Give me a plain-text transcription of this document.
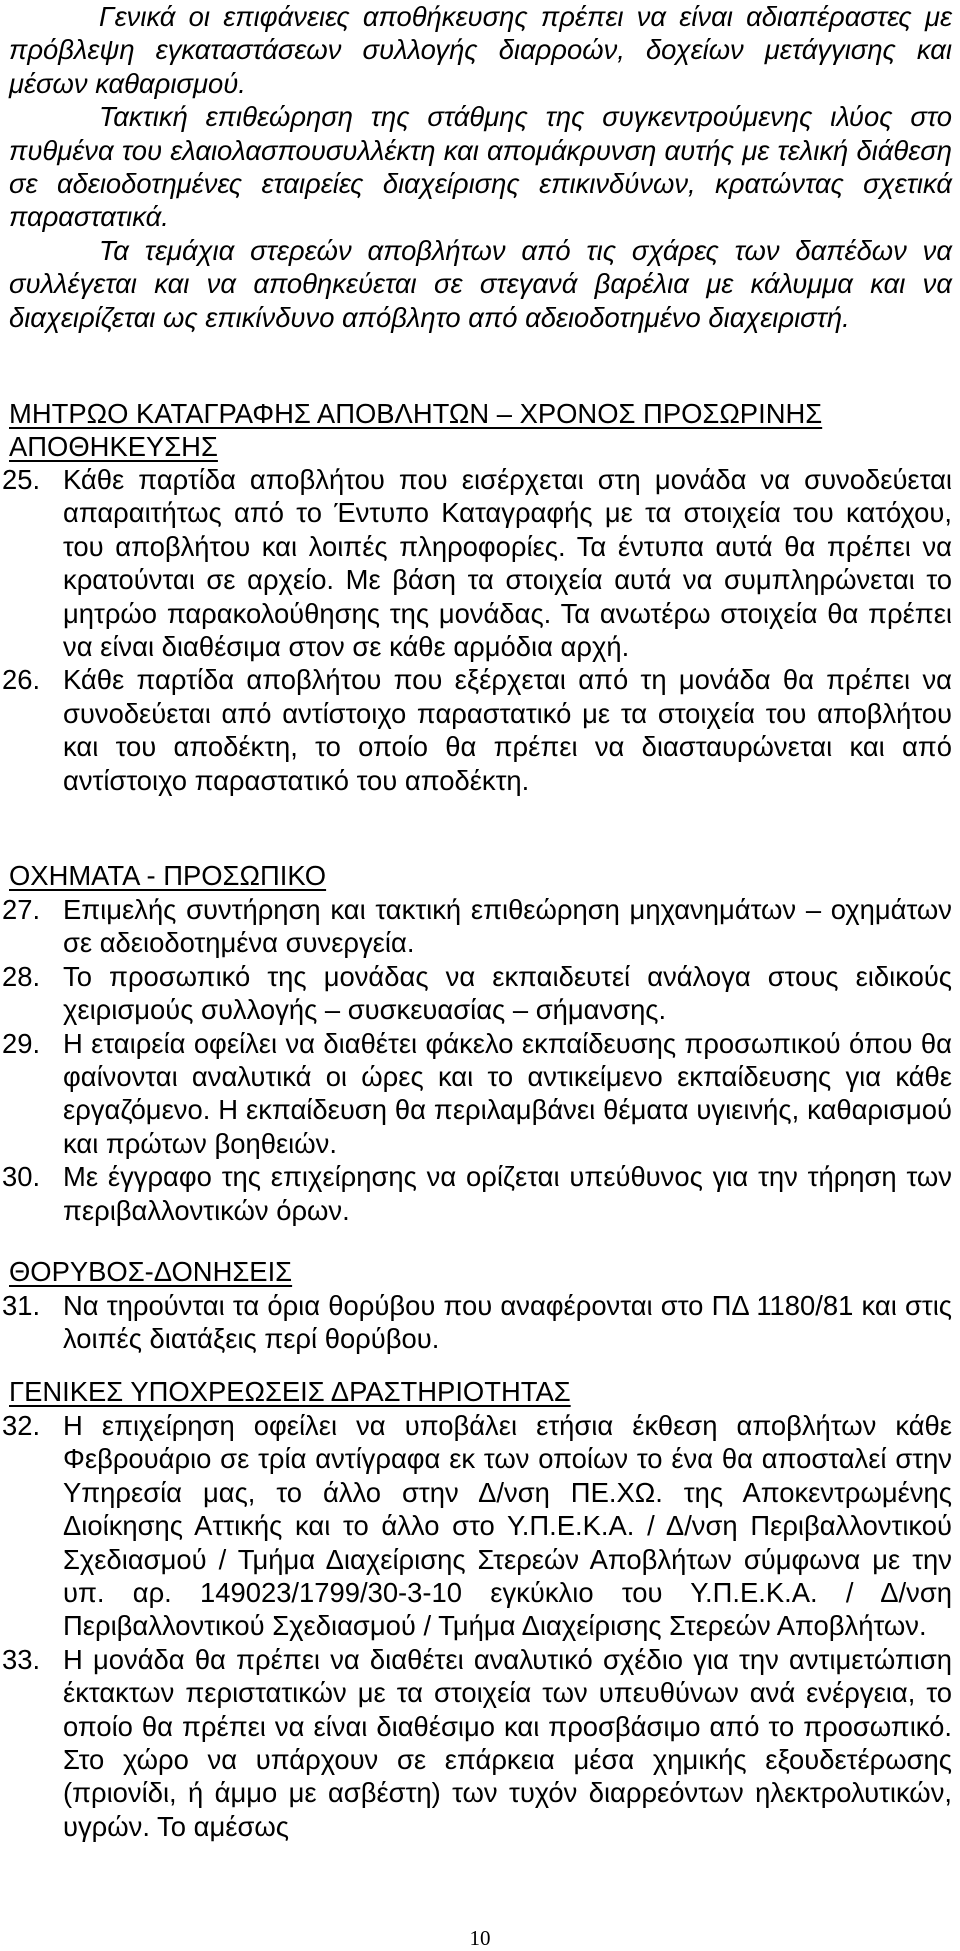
Γενικά οι επιφάνειες αποθήκευσης πρέπει να είναι αδιαπέραστες με πρόβλεψη εγκαταστάσεων συλλογής διαρροών, δοχείων μετάγγισης και μέσων καθαρισμού.
Τακτική επιθεώρηση της στάθμης της συγκεντρούμενης ιλύος στο πυθμένα του ελαιολασπουσυλλέκτη και απομάκρυνση αυτής με τελική διάθεση σε αδειοδοτημένες εταιρείες διαχείρισης επικινδύνων, κρατώντας σχετικά παραστατικά.
Τα τεμάχια στερεών αποβλήτων από τις σχάρες των δαπέδων να συλλέγεται και να αποθηκεύεται σε στεγανά βαρέλια με κάλυμμα και να διαχειρίζεται ως επικίνδυνο απόβλητο από αδειοδοτημένο διαχειριστή.
ΜΗΤΡΩΟ ΚΑΤΑΓΡΑΦΗΣ ΑΠΟΒΛΗΤΩΝ – ΧΡΟΝΟΣ ΠΡΟΣΩΡΙΝΗΣ ΑΠΟΘΗΚΕΥΣΗΣ
25. Κάθε παρτίδα αποβλήτου που εισέρχεται στη μονάδα να συνοδεύεται απαραιτήτως από το Έντυπο Καταγραφής με τα στοιχεία του κατόχου, του αποβλήτου και λοιπές πληροφορίες. Τα έντυπα αυτά θα πρέπει να κρατούνται σε αρχείο. Με βάση τα στοιχεία αυτά να συμπληρώνεται το μητρώο παρακολούθησης της μονάδας. Τα ανωτέρω στοιχεία θα πρέπει να είναι διαθέσιμα στον σε κάθε αρμόδια αρχή.
26. Κάθε παρτίδα αποβλήτου που εξέρχεται από τη μονάδα θα πρέπει να συνοδεύεται από αντίστοιχο παραστατικό με τα στοιχεία του αποβλήτου και του αποδέκτη, το οποίο θα πρέπει να διασταυρώνεται και από αντίστοιχο παραστατικό του αποδέκτη.
ΟΧΗΜΑΤΑ - ΠΡΟΣΩΠΙΚΟ
27. Επιμελής συντήρηση και τακτική επιθεώρηση μηχανημάτων – οχημάτων σε αδειοδοτημένα συνεργεία.
28. Το προσωπικό της μονάδας να εκπαιδευτεί ανάλογα στους ειδικούς χειρισμούς συλλογής – συσκευασίας – σήμανσης.
29. Η εταιρεία οφείλει να διαθέτει φάκελο εκπαίδευσης προσωπικού όπου θα φαίνονται αναλυτικά οι ώρες και το αντικείμενο εκπαίδευσης για κάθε εργαζόμενο. Η εκπαίδευση θα περιλαμβάνει θέματα υγιεινής, καθαρισμού και πρώτων βοηθειών.
30. Με έγγραφο της επιχείρησης να ορίζεται υπεύθυνος για την τήρηση των περιβαλλοντικών όρων.
ΘΟΡΥΒΟΣ-ΔΟΝΗΣΕΙΣ
31. Να τηρούνται τα όρια θορύβου που αναφέρονται στο ΠΔ 1180/81 και στις λοιπές διατάξεις περί θορύβου.
ΓΕΝΙΚΕΣ ΥΠΟΧΡΕΩΣΕΙΣ ΔΡΑΣΤΗΡΙΟΤΗΤΑΣ
32. Η επιχείρηση οφείλει να υποβάλει ετήσια έκθεση αποβλήτων κάθε Φεβρουάριο σε τρία αντίγραφα εκ των οποίων το ένα θα αποσταλεί στην Υπηρεσία μας, το άλλο στην Δ/νση ΠΕ.ΧΩ. της Αποκεντρωμένης Διοίκησης Αττικής και το άλλο στο Υ.Π.Ε.Κ.Α. / Δ/νση Περιβαλλοντικού Σχεδιασμού / Τμήμα Διαχείρισης Στερεών Αποβλήτων σύμφωνα με την υπ. αρ. 149023/1799/30-3-10 εγκύκλιο του Υ.Π.Ε.Κ.Α. / Δ/νση Περιβαλλοντικού Σχεδιασμού / Τμήμα Διαχείρισης Στερεών Αποβλήτων.
33. Η μονάδα θα πρέπει να διαθέτει αναλυτικό σχέδιο για την αντιμετώπιση έκτακτων περιστατικών με τα στοιχεία των υπευθύνων ανά ενέργεια, το οποίο θα πρέπει να είναι διαθέσιμο και προσβάσιμο από το προσωπικό. Στο χώρο να υπάρχουν σε επάρκεια μέσα χημικής εξουδετέρωσης (πριονίδι, ή άμμο με ασβέστη) των τυχόν διαρρεόντων ηλεκτρολυτικών, υγρών. Το αμέσως
10
